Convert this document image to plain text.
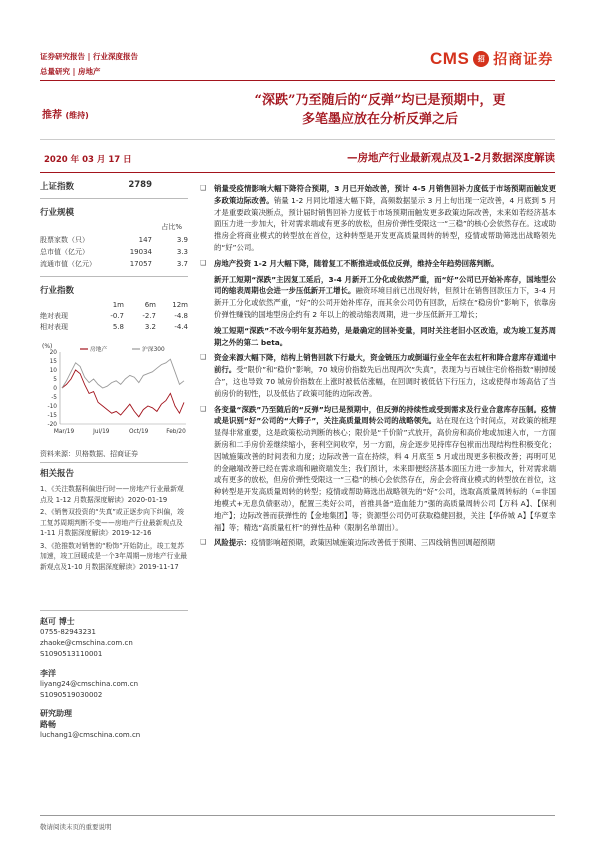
证券研究报告 | 行业深度报告
总量研究 | 房地产
CMS	招 招商证券
推荐 (维持)
“深跌”乃至随后的“反弹”均已是预期中，更
多笔墨应放在分析反弹之后
2020 年 03 月 17 日	—房地产行业最新观点及1-2月数据深度解读
上证指数	2789
行业规模
占比%
股票家数（只）	147	3.9
总市值（亿元）	19034	3.3
流通市值（亿元）	17057	3.7
行业指数
1m	6m	12m
绝对表现	-0.7	-2.7	-4.8
相对表现	5.8	3.2	-4.4
(%)
20
15
10
5
0
-5
-10
-15
-20
Mar/19	Jul/19	Oct/19	Feb/20
房地产	沪深300
资料来源：贝格数据、招商证券
相关报告
1、《关注数据科偏进行时——房地产行业最新观点及 1-12 月数据深度解读》2020-01-19
2、《销售双投资的“失真”或正逐步向下纠偏，竣工复苏周期判断不变——房地产行业最新观点及 1-11 月数据深度解读》2019-12-16
3、《抢推数对销售的“粉饰”开始防止，竣工复苏加速，竣工回暖成是一个3年周期—房地产行业最新观点及1-10 月数据深度解读》2019-11-17
赵可 博士
0755-82943231
zhaoke@cmschina.com.cn
S1090513110001
李洋
liyang24@cmschina.com.cn
S1090519030002
研究助理
路畅
luchang1@cmschina.com.cn
❑ 销量受疫情影响大幅下降符合预期，3 月已开始改善，预计 4-5 月销售回补力度低于市场预期而触发更多政策边际改善。销量 1-2 月同比增速大幅下降，高频数据显示 3 月上旬出现一定改善，4 月底到 5 月才是重要政策决断点，预计届时销售回补力度低于市场预期而触发更多政策边际改善，未来如若经济基本面压力进一步加大，针对需求端或有更多的放松，但房价弹性受限这一“三稳”的核心会依然存在。这或助推房企将商业模式的转型放在首位，这种转型是开发更高质量周转的转型，疫情或帮助筛选出战略领先的“好”公司。
❑ 房地产投资 1-2 月大幅下降，随着复工不断推进或低位反弹，维持全年趋势回落判断。
新开工短期“深跌”主因复工延后，3-4 月新开工分化或依然严重，而“好”公司已开始补库存，国地型公司的缩表周期也会进一步压低新开工增长。融资环境目前已出现好转，但预计在销售回款压力下，3-4 月新开工分化或依然严重，“好”的公司开始补库存，而其余公司仍有回款，后续在“稳房价”影响下，依靠房价弹性赚钱的国地型房企约有 2 年以上的被动缩表周期，进一步压低新开工增长；
竣工短期“深跌”不改今明年复苏趋势，是最确定的回补变量，同时关注老旧小区改造，或为竣工复苏周期之外的第二 beta。
❑ 资金来源大幅下降，结构上销售回款下行最大，资金链压力或倒逼行业全年在去杠杆和降合意库存通道中前行。受“限价”和“稳价”影响，70 城房价指数先后出现两次“失真”，表现为与百城住宅价格指数“剔掉缓合”，这也导致 70 城房价指数在上涨时被低估涨幅，在回调时被低估下行压力，这或使得市场高估了当前房价的韧性，以及低估了政策可能的边际改善。
❑ 各变量“深跌”乃至随后的“反弹”均已是预期中，但反弹的持续性或受到需求及行业合意库存压制。疫情或是识别“好”公司的“大筛子”，关注高质量周转公司的战略领先。站在现在这个时间点，对政策的梳理显得非常重要，这是政策松动判断的核心；限价是“千价阶”式放开，高价房和高价地或加速入市，一方面新房和二手房价差继续缩小，套利空间收窄，另一方面，房企逐步见持库存包袱而出现结构性积极变化；因城施策改善的时间表和力度；边际改善一直在持续，料 4 月底至 5 月或出现更多积极改善；再明可见的金融端改善已经在需求端和融资端发生；我们预计，未来即便经济基本面压力进一步加大，针对需求端或有更多的放松，但房价弹性受限这一“三稳”的核心会依然存在，房企会将商业模式的转型放在首位，这种转型是开发高质量周转的转型；疫情或帮助筛选出战略领先的“好”公司，选取高质量周转标的（=非国地模式+无息负债驱动），配置三类好公司，首推具备“造血能力”强的高质量周转公司【万科 A】、【保利地产】；边际改善而获弹性的【金地集团】等；资源型公司仍可获取稳健回报，关注【华侨城 A】【华夏幸福】等；精选“高质量杠杆”的弹性品种（限制名单谓出）。
❑ 风险提示：疫情影响超预期，政策因城施策边际改善低于预期、三四线销售回调超预期
敬请阅读末页的重要说明
